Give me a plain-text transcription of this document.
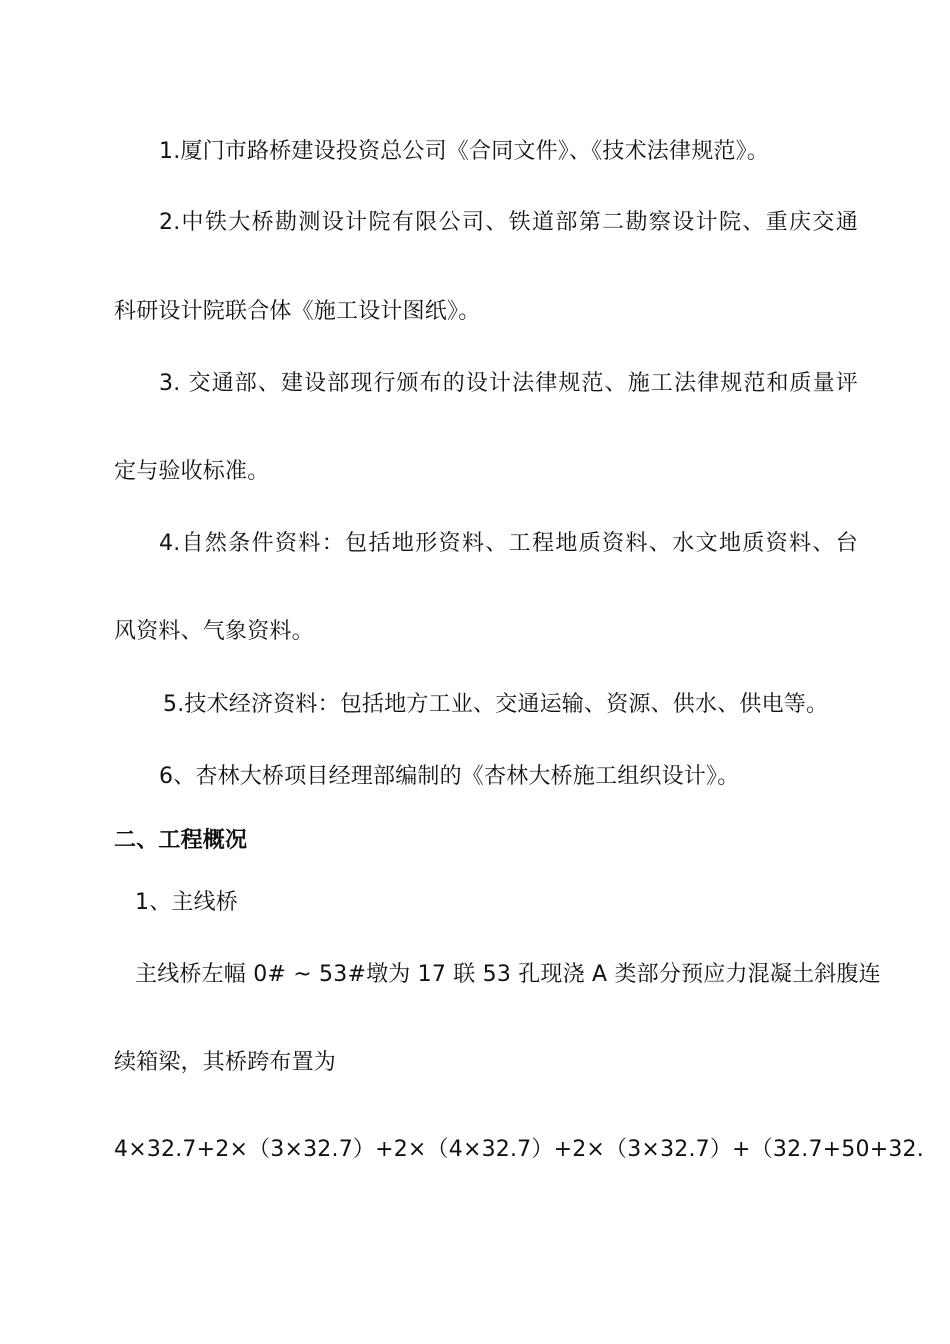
1.厦门市路桥建设投资总公司《合同文件》、《技术法律规范》。
2.中铁大桥勘测设计院有限公司、铁道部第二勘察设计院、重庆交通
科研设计院联合体《施工设计图纸》。
3. 交通部、建设部现行颁布的设计法律规范、施工法律规范和质量评
定与验收标准。
4.自然条件资料：包括地形资料、工程地质资料、水文地质资料、台
风资料、气象资料。
5.技术经济资料：包括地方工业、交通运输、资源、供水、供电等。
6、杏林大桥项目经理部编制的《杏林大桥施工组织设计》。
二、工程概况
1、主线桥
主线桥左幅 0# ~ 53#墩为 17 联 53 孔现浇 A 类部分预应力混凝土斜腹连
续箱梁，其桥跨布置为
4×32.7+2×（3×32.7）+2×（4×32.7）+2×（3×32.7）+（32.7+50+32.
